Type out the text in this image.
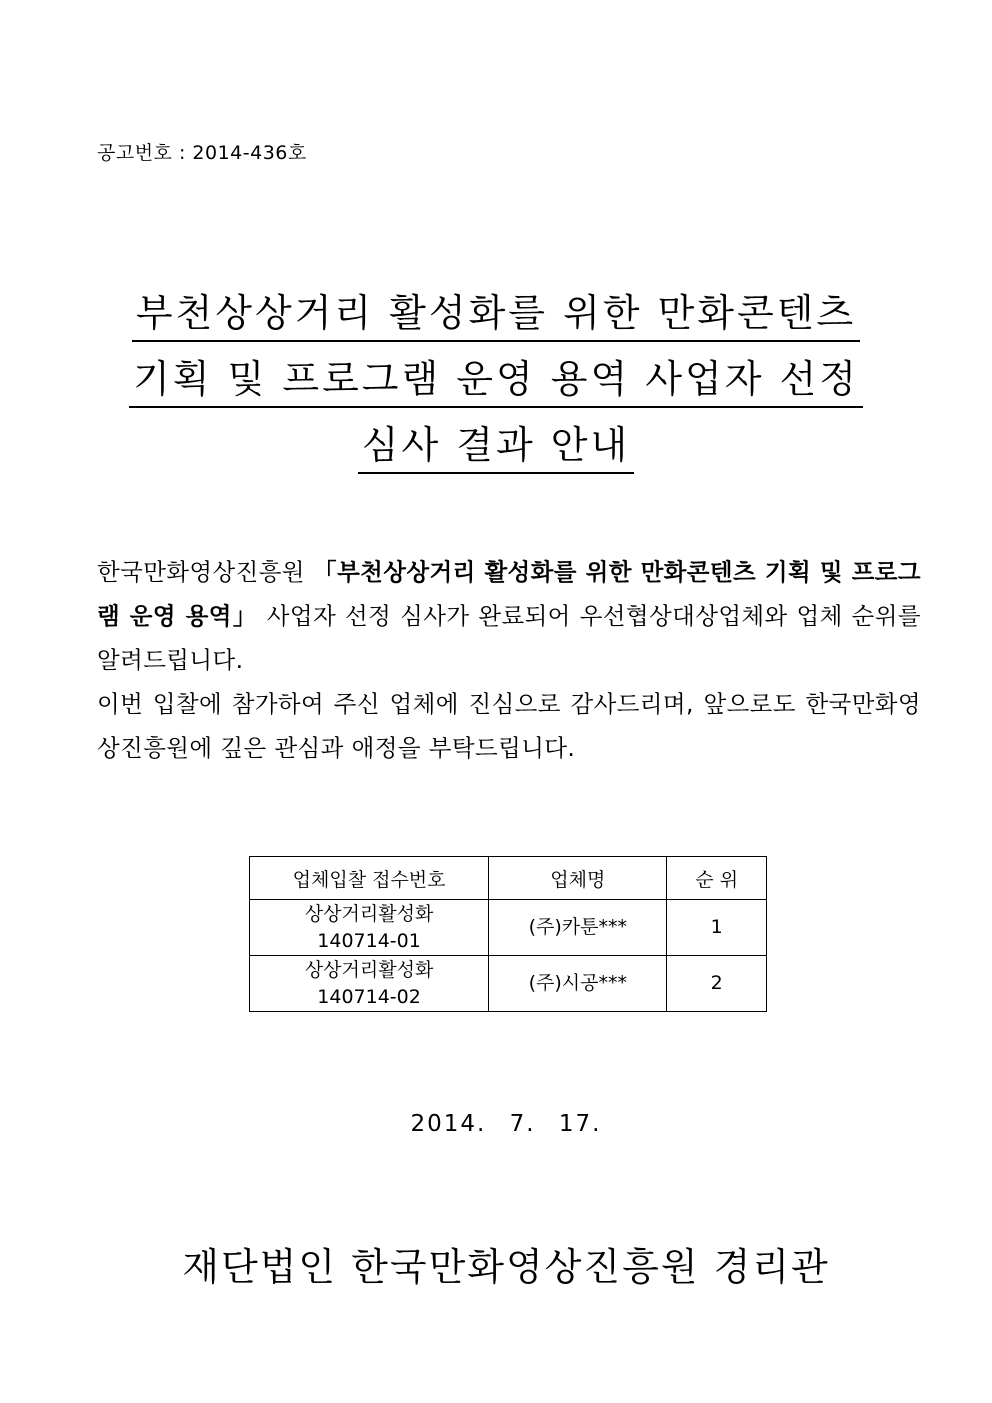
공고번호 : 2014-436호
부천상상거리 활성화를 위한 만화콘텐츠
기획 및 프로그램 운영 용역 사업자 선정
심사 결과 안내

한국만화영상진흥원 「부천상상거리 활성화를 위한 만화콘텐츠 기획 및 프로그램 운영 용역」 사업자 선정 심사가 완료되어 우선협상대상업체와 업체 순위를 알려드립니다.

이번 입찰에 참가하여 주신 업체에 진심으로 감사드리며, 앞으로도 한국만화영상진흥원에 깊은 관심과 애정을 부탁드립니다.

업체입찰 접수번호	업체명	순 위

상상거리활성화
140714-01	(주)카툰***	1

상상거리활성화
140714-02	(주)시공***	2
2014. 7. 17.
재단법인 한국만화영상진흥원 경리관
